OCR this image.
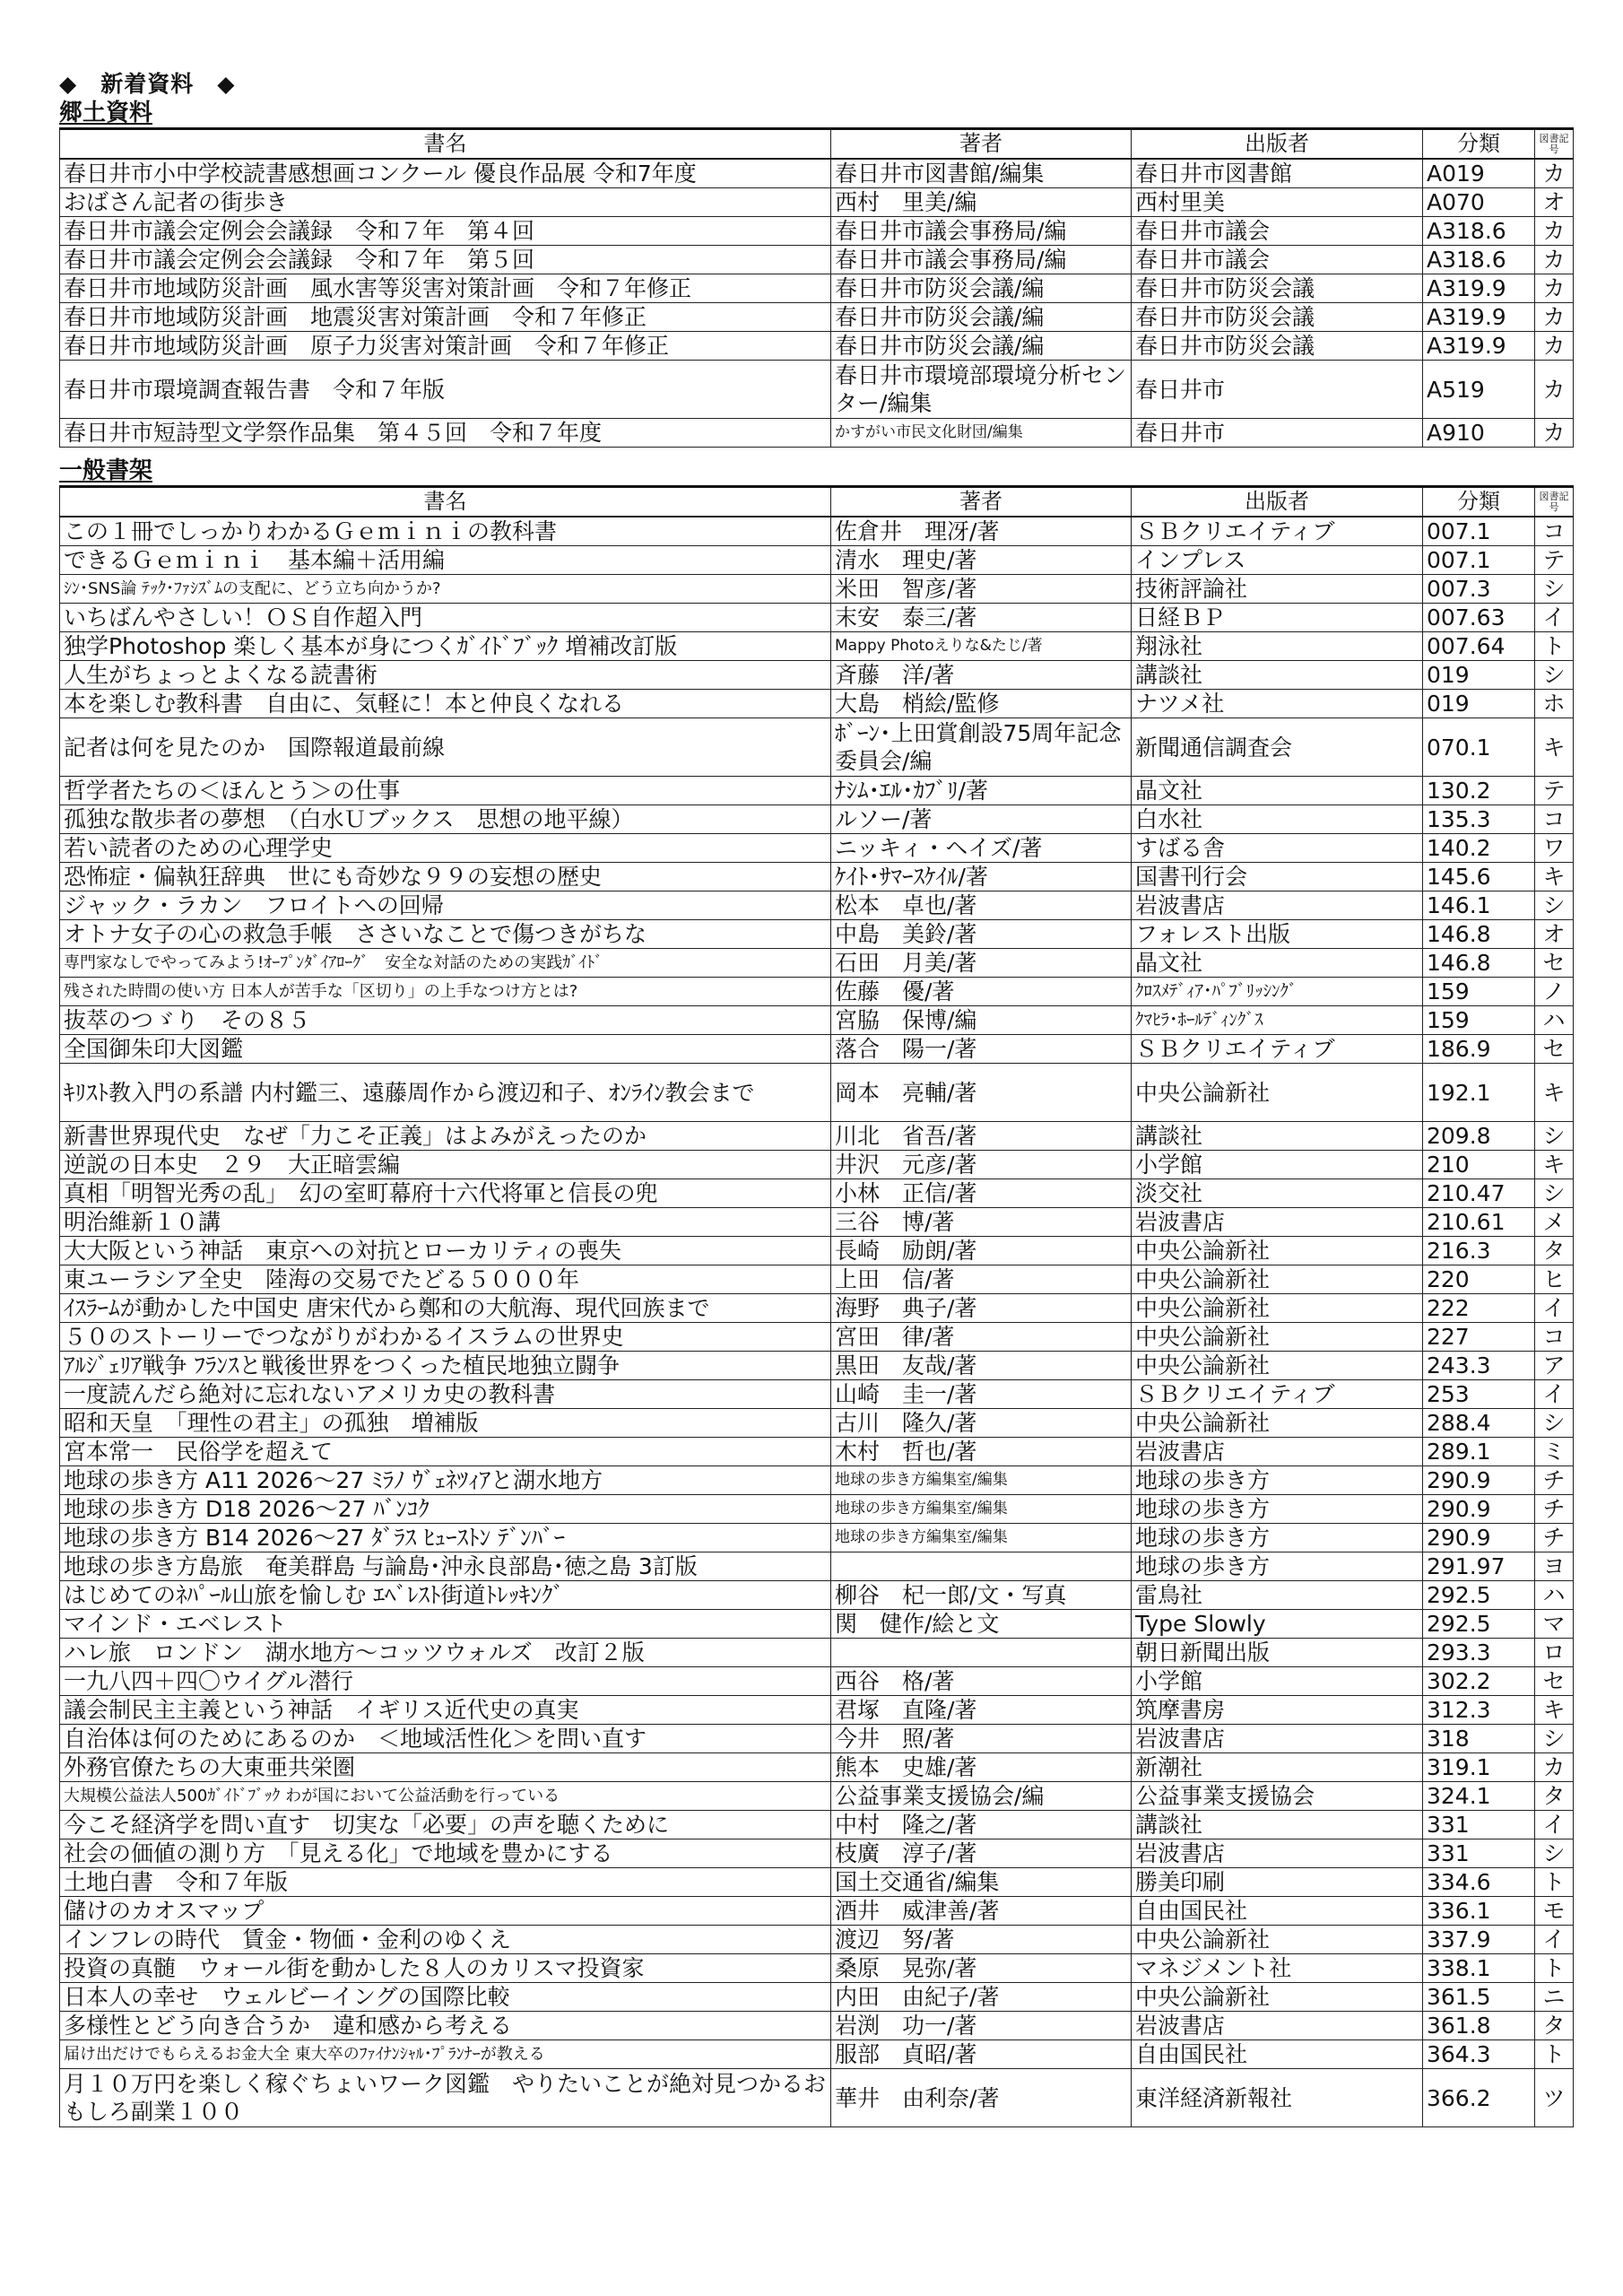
◆　新着資料　◆
郷土資料
書名	著者	出版者	分類	図書記号
春日井市小中学校読書感想画コンクール 優良作品展 令和7年度	春日井市図書館/編集	春日井市図書館	A019	カ
おばさん記者の街歩き	西村　里美/編	西村里美	A070	オ
春日井市議会定例会会議録　令和７年　第４回	春日井市議会事務局/編	春日井市議会	A318.6	カ
春日井市議会定例会会議録　令和７年　第５回	春日井市議会事務局/編	春日井市議会	A318.6	カ
春日井市地域防災計画　風水害等災害対策計画　令和７年修正	春日井市防災会議/編	春日井市防災会議	A319.9	カ
春日井市地域防災計画　地震災害対策計画　令和７年修正	春日井市防災会議/編	春日井市防災会議	A319.9	カ
春日井市地域防災計画　原子力災害対策計画　令和７年修正	春日井市防災会議/編	春日井市防災会議	A319.9	カ
春日井市環境調査報告書　令和７年版	春日井市環境部環境分析センター/編集	春日井市	A519	カ
春日井市短詩型文学祭作品集　第４５回　令和７年度	かすがい市民文化財団/編集	春日井市	A910	カ
一般書架
書名	著者	出版者	分類	図書記号
この１冊でしっかりわかるＧｅｍｉｎｉの教科書	佐倉井　理冴/著	ＳＢクリエイティブ	007.1	コ
できるＧｅｍｉｎｉ　基本編＋活用編	清水　理史/著	インプレス	007.1	テ
ｼﾝ･SNS論 ﾃｯｸ･ﾌｧｼｽﾞﾑの支配に、どう立ち向かうか?	米田　智彦/著	技術評論社	007.3	シ
いちばんやさしい！ＯＳ自作超入門	末安　泰三/著	日経ＢＰ	007.63	イ
独学Photoshop 楽しく基本が身につくｶﾞｲﾄﾞﾌﾞｯｸ 増補改訂版	Mappy Photoえりな&たじ/著	翔泳社	007.64	ト
人生がちょっとよくなる読書術	斉藤　洋/著	講談社	019	シ
本を楽しむ教科書　自由に、気軽に！本と仲良くなれる	大島　梢絵/監修	ナツメ社	019	ホ
記者は何を見たのか　国際報道最前線	ﾎﾞｰﾝ･上田賞創設75周年記念委員会/編	新聞通信調査会	070.1	キ
哲学者たちの＜ほんとう＞の仕事	ﾅｼﾑ･ｴﾙ･ｶﾌﾞﾘ/著	晶文社	130.2	テ
孤独な散歩者の夢想　（白水Ｕブックス　思想の地平線）	ルソー/著	白水社	135.3	コ
若い読者のための心理学史	ニッキィ・ヘイズ/著	すばる舎	140.2	ワ
恐怖症・偏執狂辞典　世にも奇妙な９９の妄想の歴史	ｹｲﾄ･ｻﾏｰｽｹｲﾙ/著	国書刊行会	145.6	キ
ジャック・ラカン　フロイトへの回帰	松本　卓也/著	岩波書店	146.1	シ
オトナ女子の心の救急手帳　ささいなことで傷つきがちな	中島　美鈴/著	フォレスト出版	146.8	オ
専門家なしでやってみよう!ｵｰﾌﾟﾝﾀﾞｲｱﾛｰｸﾞ　安全な対話のための実践ｶﾞｲﾄﾞ	石田　月美/著	晶文社	146.8	セ
残された時間の使い方 日本人が苦手な「区切り」の上手なつけ方とは?	佐藤　優/著	ｸﾛｽﾒﾃﾞｨｱ･ﾊﾟﾌﾞﾘｯｼﾝｸﾞ	159	ノ
抜萃のつゞり　その８５	宮脇　保博/編	ｸﾏﾋﾗ･ﾎｰﾙﾃﾞｨﾝｸﾞｽ	159	ハ
全国御朱印大図鑑	落合　陽一/著	ＳＢクリエイティブ	186.9	セ
ｷﾘｽﾄ教入門の系譜 内村鑑三、遠藤周作から渡辺和子、ｵﾝﾗｲﾝ教会まで	岡本　亮輔/著	中央公論新社	192.1	キ
新書世界現代史　なぜ「力こそ正義」はよみがえったのか	川北　省吾/著	講談社	209.8	シ
逆説の日本史　２９　大正暗雲編	井沢　元彦/著	小学館	210	キ
真相「明智光秀の乱」　幻の室町幕府十六代将軍と信長の兜	小林　正信/著	淡交社	210.47	シ
明治維新１０講	三谷　博/著	岩波書店	210.61	メ
大大阪という神話　東京への対抗とローカリティの喪失	長崎　励朗/著	中央公論新社	216.3	タ
東ユーラシア全史　陸海の交易でたどる５０００年	上田　信/著	中央公論新社	220	ヒ
ｲｽﾗｰﾑが動かした中国史 唐宋代から鄭和の大航海、現代回族まで	海野　典子/著	中央公論新社	222	イ
５０のストーリーでつながりがわかるイスラムの世界史	宮田　律/著	中央公論新社	227	コ
ｱﾙｼﾞｪﾘｱ戦争 ﾌﾗﾝｽと戦後世界をつくった植民地独立闘争	黒田　友哉/著	中央公論新社	243.3	ア
一度読んだら絶対に忘れないアメリカ史の教科書	山崎　圭一/著	ＳＢクリエイティブ	253	イ
昭和天皇　「理性の君主」の孤独　増補版	古川　隆久/著	中央公論新社	288.4	シ
宮本常一　民俗学を超えて	木村　哲也/著	岩波書店	289.1	ミ
地球の歩き方 A11 2026～27 ﾐﾗﾉ ｳﾞｪﾈﾂｨｱと湖水地方	地球の歩き方編集室/編集	地球の歩き方	290.9	チ
地球の歩き方 D18 2026～27 ﾊﾞﾝｺｸ	地球の歩き方編集室/編集	地球の歩き方	290.9	チ
地球の歩き方 B14 2026～27 ﾀﾞﾗｽ ﾋｭｰｽﾄﾝ ﾃﾞﾝﾊﾞｰ	地球の歩き方編集室/編集	地球の歩き方	290.9	チ
地球の歩き方島旅　奄美群島 与論島･沖永良部島･徳之島 3訂版		地球の歩き方	291.97	ヨ
はじめてのﾈﾊﾟｰﾙ山旅を愉しむ ｴﾍﾞﾚｽﾄ街道ﾄﾚｯｷﾝｸﾞ	柳谷　杞一郎/文・写真	雷鳥社	292.5	ハ
マインド・エベレスト	関　健作/絵と文	Type Slowly	292.5	マ
ハレ旅　ロンドン　湖水地方～コッツウォルズ　改訂２版		朝日新聞出版	293.3	ロ
一九八四＋四〇ウイグル潜行	西谷　格/著	小学館	302.2	セ
議会制民主主義という神話　イギリス近代史の真実	君塚　直隆/著	筑摩書房	312.3	キ
自治体は何のためにあるのか　＜地域活性化＞を問い直す	今井　照/著	岩波書店	318	シ
外務官僚たちの大東亜共栄圏	熊本　史雄/著	新潮社	319.1	カ
大規模公益法人500ｶﾞｲﾄﾞﾌﾞｯｸ わが国において公益活動を行っている	公益事業支援協会/編	公益事業支援協会	324.1	タ
今こそ経済学を問い直す　切実な「必要」の声を聴くために	中村　隆之/著	講談社	331	イ
社会の価値の測り方　「見える化」で地域を豊かにする	枝廣　淳子/著	岩波書店	331	シ
土地白書　令和７年版	国土交通省/編集	勝美印刷	334.6	ト
儲けのカオスマップ	酒井　威津善/著	自由国民社	336.1	モ
インフレの時代　賃金・物価・金利のゆくえ	渡辺　努/著	中央公論新社	337.9	イ
投資の真髄　ウォール街を動かした８人のカリスマ投資家	桑原　晃弥/著	マネジメント社	338.1	ト
日本人の幸せ　ウェルビーイングの国際比較	内田　由紀子/著	中央公論新社	361.5	ニ
多様性とどう向き合うか　違和感から考える	岩渕　功一/著	岩波書店	361.8	タ
届け出だけでもらえるお金大全 東大卒のﾌｧｲﾅﾝｼｬﾙ･ﾌﾟﾗﾝﾅｰが教える	服部　貞昭/著	自由国民社	364.3	ト
月１０万円を楽しく稼ぐちょいワーク図鑑　やりたいことが絶対見つかるおもしろ副業１００	華井　由利奈/著	東洋経済新報社	366.2	ツ
